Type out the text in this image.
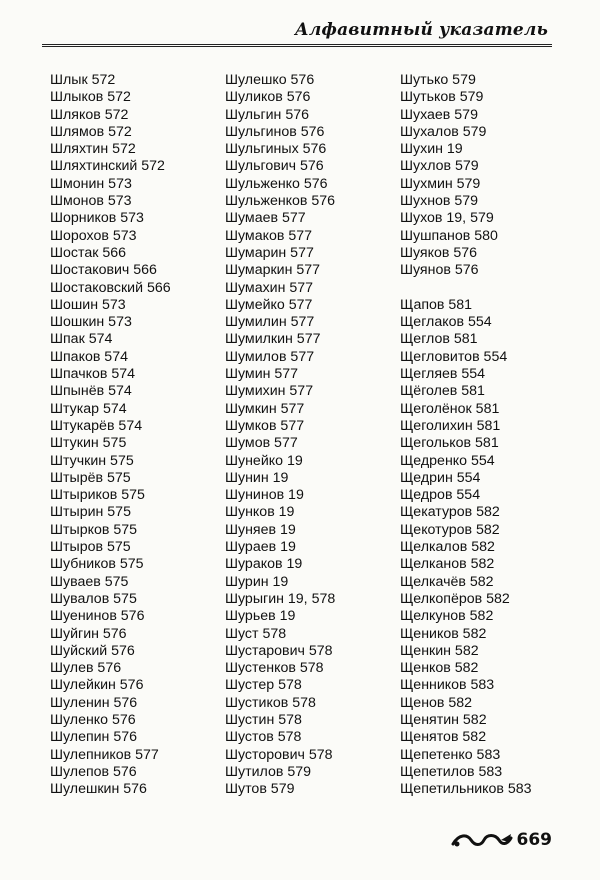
Алфавитный указатель
Шлык 572
Шлыков 572
Шляков 572
Шлямов 572
Шляхтин 572
Шляхтинский 572
Шмонин 573
Шмонов 573
Шорников 573
Шорохов 573
Шостак 566
Шостакович 566
Шостаковский 566
Шошин 573
Шошкин 573
Шпак 574
Шпаков 574
Шпачков 574
Шпынёв 574
Штукар 574
Штукарёв 574
Штукин 575
Штучкин 575
Штырёв 575
Штыриков 575
Штырин 575
Штырков 575
Штыров 575
Шубников 575
Шуваев 575
Шувалов 575
Шуенинов 576
Шуйгин 576
Шуйский 576
Шулев 576
Шулейкин 576
Шуленин 576
Шуленко 576
Шулепин 576
Шулепников 577
Шулепов 576
Шулешкин 576
Шулешко 576
Шуликов 576
Шульгин 576
Шульгинов 576
Шульгиных 576
Шульгович 576
Шульженко 576
Шульженков 576
Шумаев 577
Шумаков 577
Шумарин 577
Шумаркин 577
Шумахин 577
Шумейко 577
Шумилин 577
Шумилкин 577
Шумилов 577
Шумин 577
Шумихин 577
Шумкин 577
Шумков 577
Шумов 577
Шунейко 19
Шунин 19
Шунинов 19
Шунков 19
Шуняев 19
Шураев 19
Шураков 19
Шурин 19
Шурыгин 19, 578
Шурьев 19
Шуст 578
Шустарович 578
Шустенков 578
Шустер 578
Шустиков 578
Шустин 578
Шустов 578
Шусторович 578
Шутилов 579
Шутов 579
Шутько 579
Шутьков 579
Шухаев 579
Шухалов 579
Шухин 19
Шухлов 579
Шухмин 579
Шухнов 579
Шухов 19, 579
Шушпанов 580
Шуяков 576
Шуянов 576
Щапов 581
Щеглаков 554
Щеглов 581
Щегловитов 554
Щегляев 554
Щёголев 581
Щеголёнок 581
Щеголихин 581
Щегольков 581
Щедренко 554
Щедрин 554
Щедров 554
Щекатуров 582
Щекотуров 582
Щелкалов 582
Щелканов 582
Щелкачёв 582
Щелкопёров 582
Щелкунов 582
Щеников 582
Щенкин 582
Щенков 582
Щенников 583
Щенов 582
Щенятин 582
Щенятов 582
Щепетенко 583
Щепетилов 583
Щепетильников 583
669
